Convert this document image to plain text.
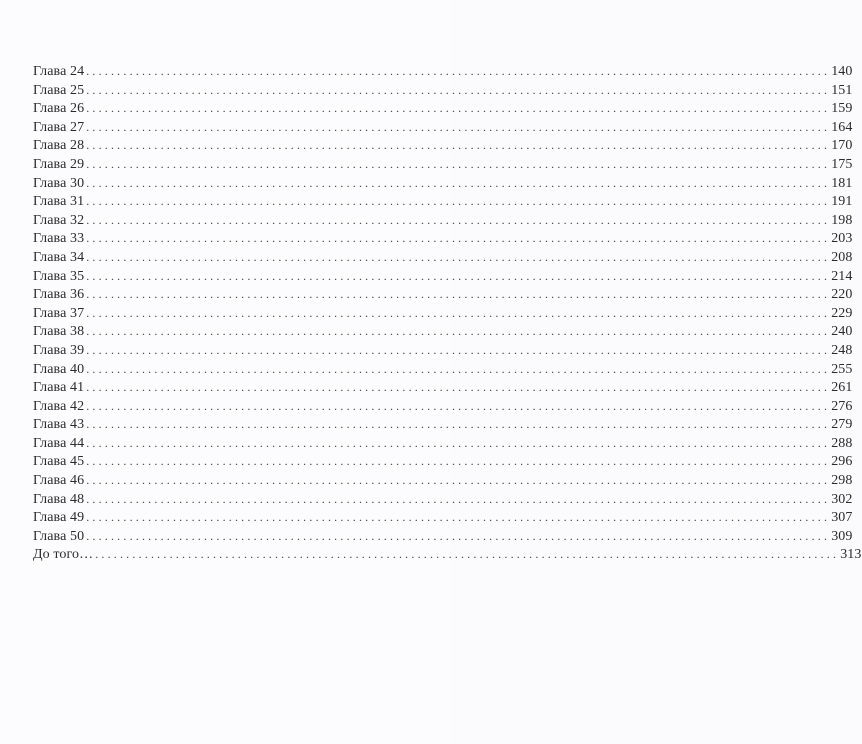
Глава 24 ........................................................................................................................ 140
Глава 25 ........................................................................................................................ 151
Глава 26 ........................................................................................................................ 159
Глава 27 ........................................................................................................................ 164
Глава 28 ........................................................................................................................ 170
Глава 29 ........................................................................................................................ 175
Глава 30 ........................................................................................................................ 181
Глава 31 ........................................................................................................................ 191
Глава 32 ........................................................................................................................ 198
Глава 33 ........................................................................................................................ 203
Глава 34 ........................................................................................................................ 208
Глава 35 ........................................................................................................................ 214
Глава 36 ........................................................................................................................ 220
Глава 37 ........................................................................................................................ 229
Глава 38 ........................................................................................................................ 240
Глава 39 ........................................................................................................................ 248
Глава 40 ........................................................................................................................ 255
Глава 41 ........................................................................................................................ 261
Глава 42 ........................................................................................................................ 276
Глава 43 ........................................................................................................................ 279
Глава 44 ........................................................................................................................ 288
Глава 45 ........................................................................................................................ 296
Глава 46 ........................................................................................................................ 298
Глава 48 ........................................................................................................................ 302
Глава 49 ........................................................................................................................ 307
Глава 50 ........................................................................................................................ 309
До того… ........................................................................................................................ 313
